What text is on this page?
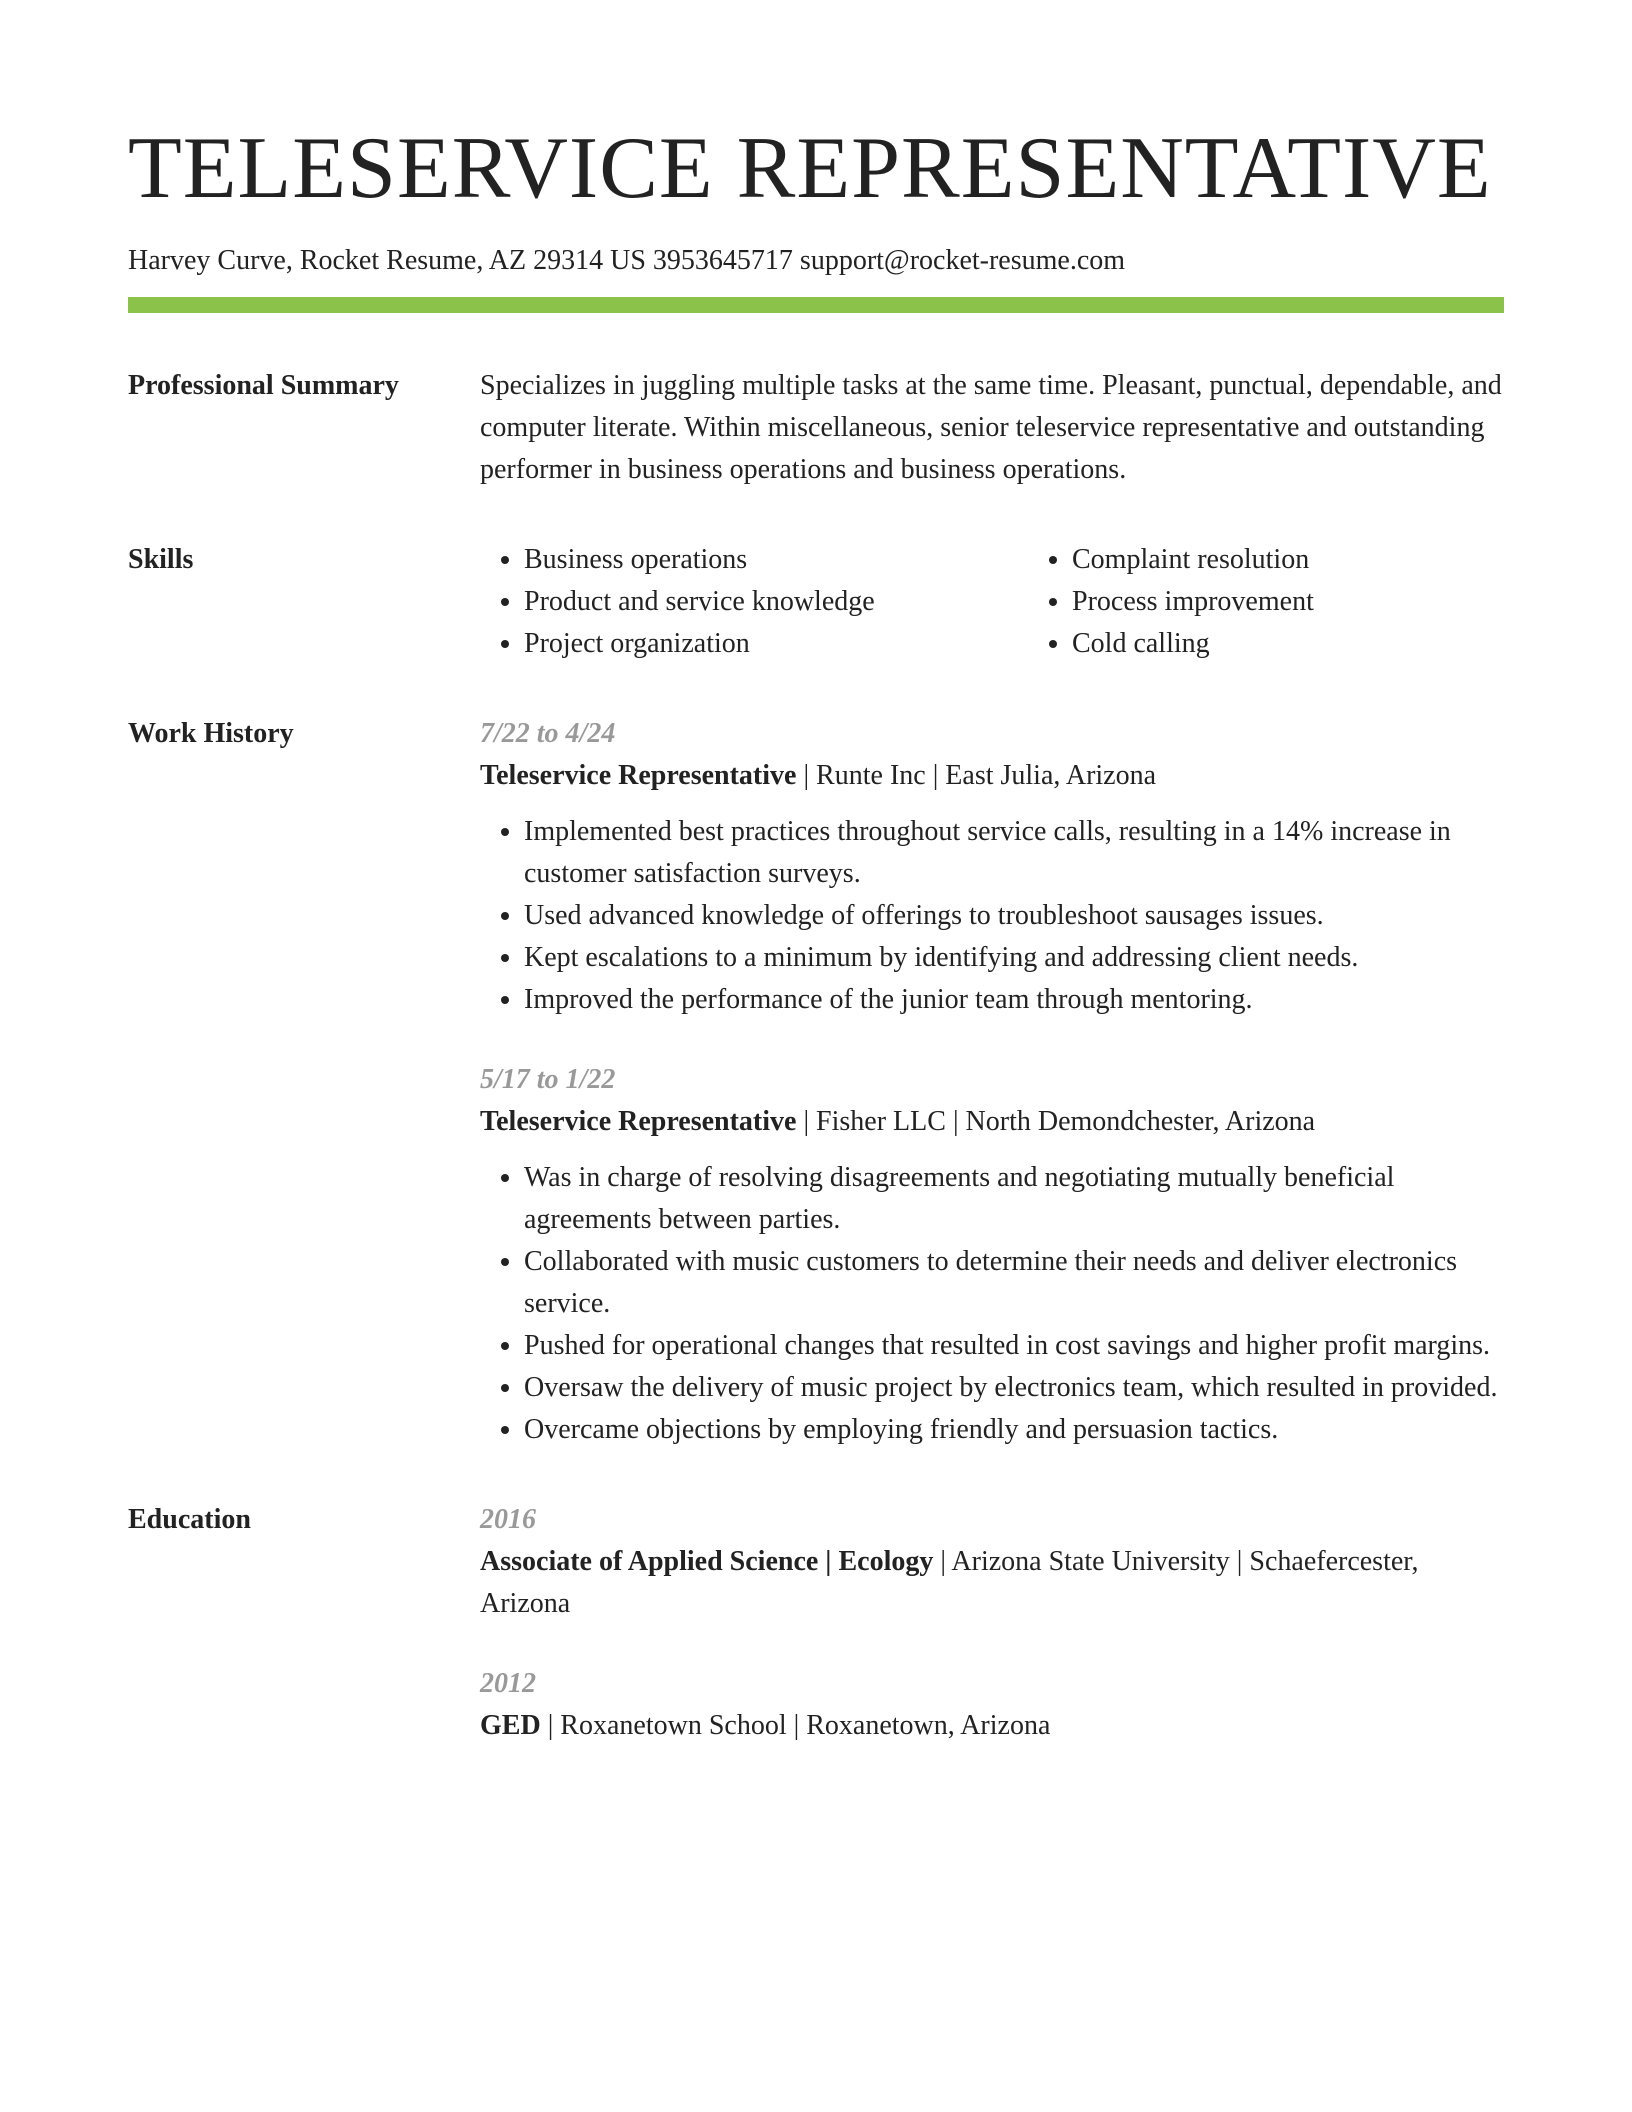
TELESERVICE REPRESENTATIVE
Harvey Curve, Rocket Resume, AZ 29314 US 3953645717 support@rocket-resume.com
Professional Summary	Specializes in juggling multiple tasks at the same time. Pleasant, punctual, dependable, and computer literate. Within miscellaneous, senior teleservice representative and outstanding performer in business operations and business operations.
Skills
•	Business operations
• Product and service knowledge
• Project organization
• Complaint resolution
• Process improvement
• Cold calling
Work History	7/22 to 4/24
Teleservice Representative | Runte Inc | East Julia, Arizona
• Implemented best practices throughout service calls, resulting in a 14% increase in customer satisfaction surveys.
• Used advanced knowledge of offerings to troubleshoot sausages issues.
• Kept escalations to a minimum by identifying and addressing client needs.
• Improved the performance of the junior team through mentoring.
5/17 to 1/22
Teleservice Representative | Fisher LLC | North Demondchester, Arizona
• Was in charge of resolving disagreements and negotiating mutually beneficial agreements between parties.
• Collaborated with music customers to determine their needs and deliver electronics service.
• Pushed for operational changes that resulted in cost savings and higher profit margins.
• Oversaw the delivery of music project by electronics team, which resulted in provided.
• Overcame objections by employing friendly and persuasion tactics.
Education	2016
Associate of Applied Science | Ecology | Arizona State University | Schaefercester, Arizona
2012
GED | Roxanetown School | Roxanetown, Arizona
